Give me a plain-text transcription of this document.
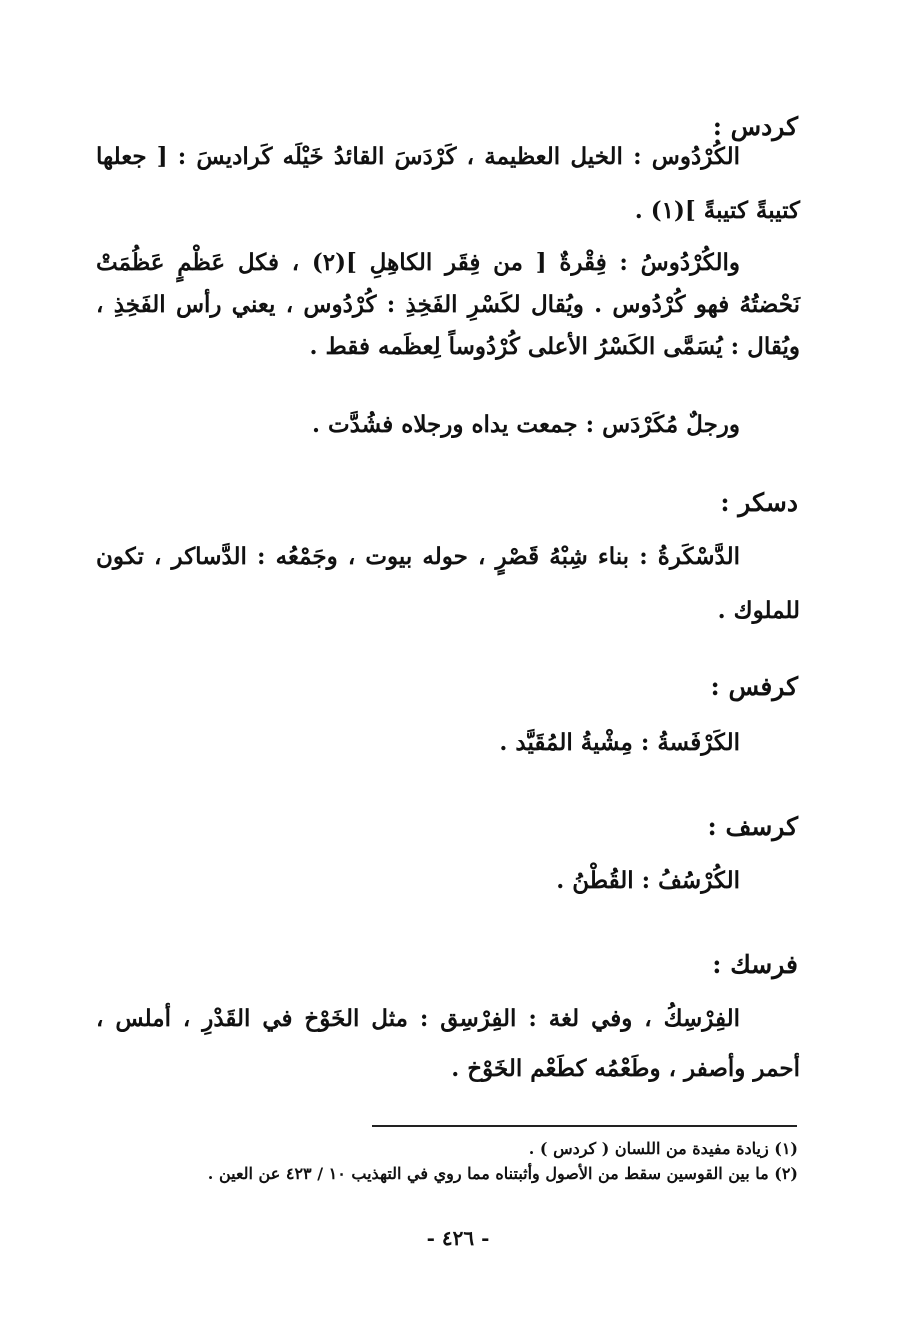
كردس :

الكُرْدُوس : الخيل العظيمة ، كَرْدَسَ القائدُ خَيْلَه كَراديسَ : [ جعلها كتيبةً كتيبةً ](١) .

والكُرْدُوسُ : فِقْرةٌ [ من فِقَر الكاهِلِ ](٢) ، فكل عَظْمٍ عَظُمَتْ نَحْضتُهُ فهو كُرْدُوس . ويُقال لكَسْرِ الفَخِذِ : كُرْدُوس ، يعني رأس الفَخِذِ ، ويُقال : يُسَمَّى الكَسْرُ الأعلى كُرْدُوساً لِعظَمه فقط .

ورجلٌ مُكَرْدَس : جمعت يداه ورجلاه فشُدَّت .

دسكر :

الدَّسْكَرةُ : بناء شِبْهُ قَصْرٍ ، حوله بيوت ، وجَمْعُه : الدَّساكر ، تكون للملوك .

كرفس :

الكَرْفَسةُ : مِشْيةُ المُقَيَّد .

كرسف :

الكُرْسُفُ : القُطْنُ .

فرسك :

الفِرْسِكُ ، وفي لغة : الفِرْسِق : مثل الخَوْخ في القَدْرِ ، أملس ، أحمر وأصفر ، وطَعْمُه كطَعْم الخَوْخ .

(١) زيادة مفيدة من اللسان ( كردس ) .
(٢) ما بين القوسين سقط من الأصول وأثبتناه مما روي في التهذيب ١٠ / ٤٢٣ عن العين .
- ٤٢٦ -
